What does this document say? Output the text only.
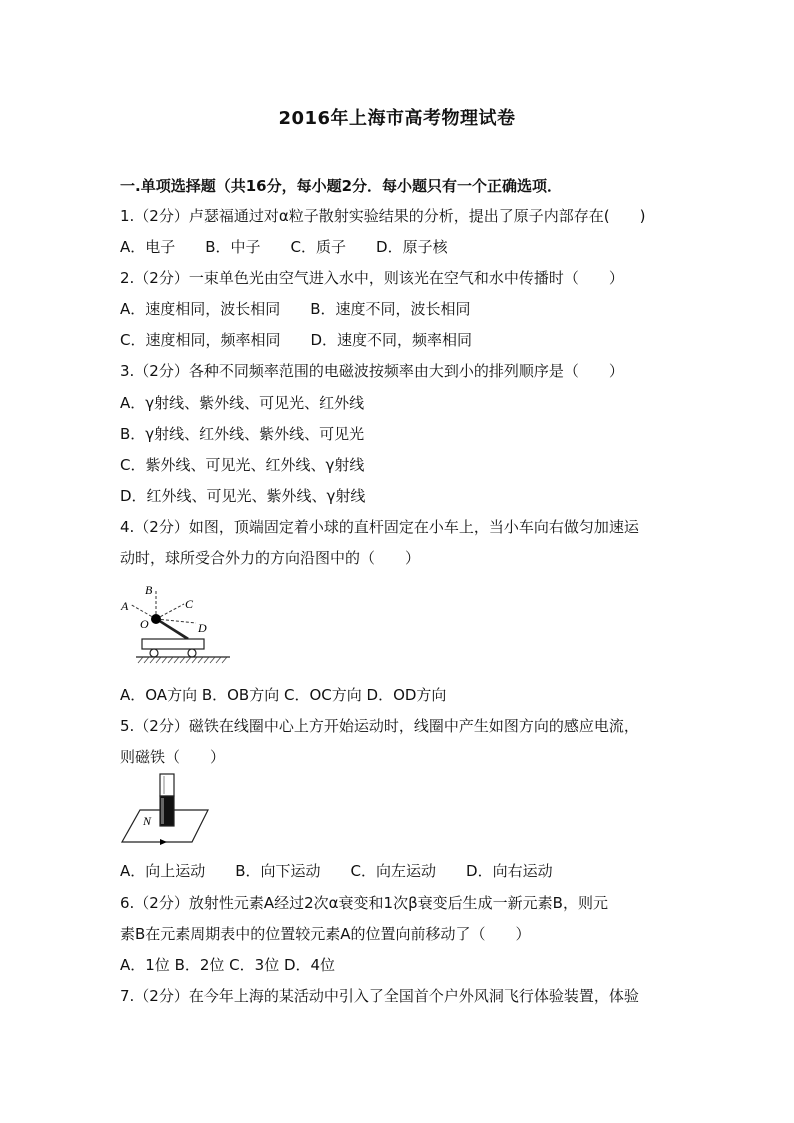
2016年上海市高考物理试卷
一.单项选择题（共16分，每小题2分．每小题只有一个正确选项．
1.（2分）卢瑟福通过对α粒子散射实验结果的分析，提出了原子内部存在(　　)
A．电子　　B．中子　　C．质子　　D．原子核
2.（2分）一束单色光由空气进入水中，则该光在空气和水中传播时（　　）
A．速度相同，波长相同　　B．速度不同，波长相同
C．速度相同，频率相同　　D．速度不同，频率相同
3.（2分）各种不同频率范围的电磁波按频率由大到小的排列顺序是（　　）
A．γ射线、紫外线、可见光、红外线
B．γ射线、红外线、紫外线、可见光
C．紫外线、可见光、红外线、γ射线
D．红外线、可见光、紫外线、γ射线
4.（2分）如图，顶端固定着小球的直杆固定在小车上，当小车向右做匀加速运
动时，球所受合外力的方向沿图中的（　　）
A
B
C
O	D
A．OA方向 B．OB方向 C．OC方向 D．OD方向
5.（2分）磁铁在线圈中心上方开始运动时，线圈中产生如图方向的感应电流，
则磁铁（　　）
N
A．向上运动　　B．向下运动　　C．向左运动　　D．向右运动
6.（2分）放射性元素A经过2次α衰变和1次β衰变后生成一新元素B，则元
素B在元素周期表中的位置较元素A的位置向前移动了（　　）
A．1位 B．2位 C．3位 D．4位
7.（2分）在今年上海的某活动中引入了全国首个户外风洞飞行体验装置，体验
